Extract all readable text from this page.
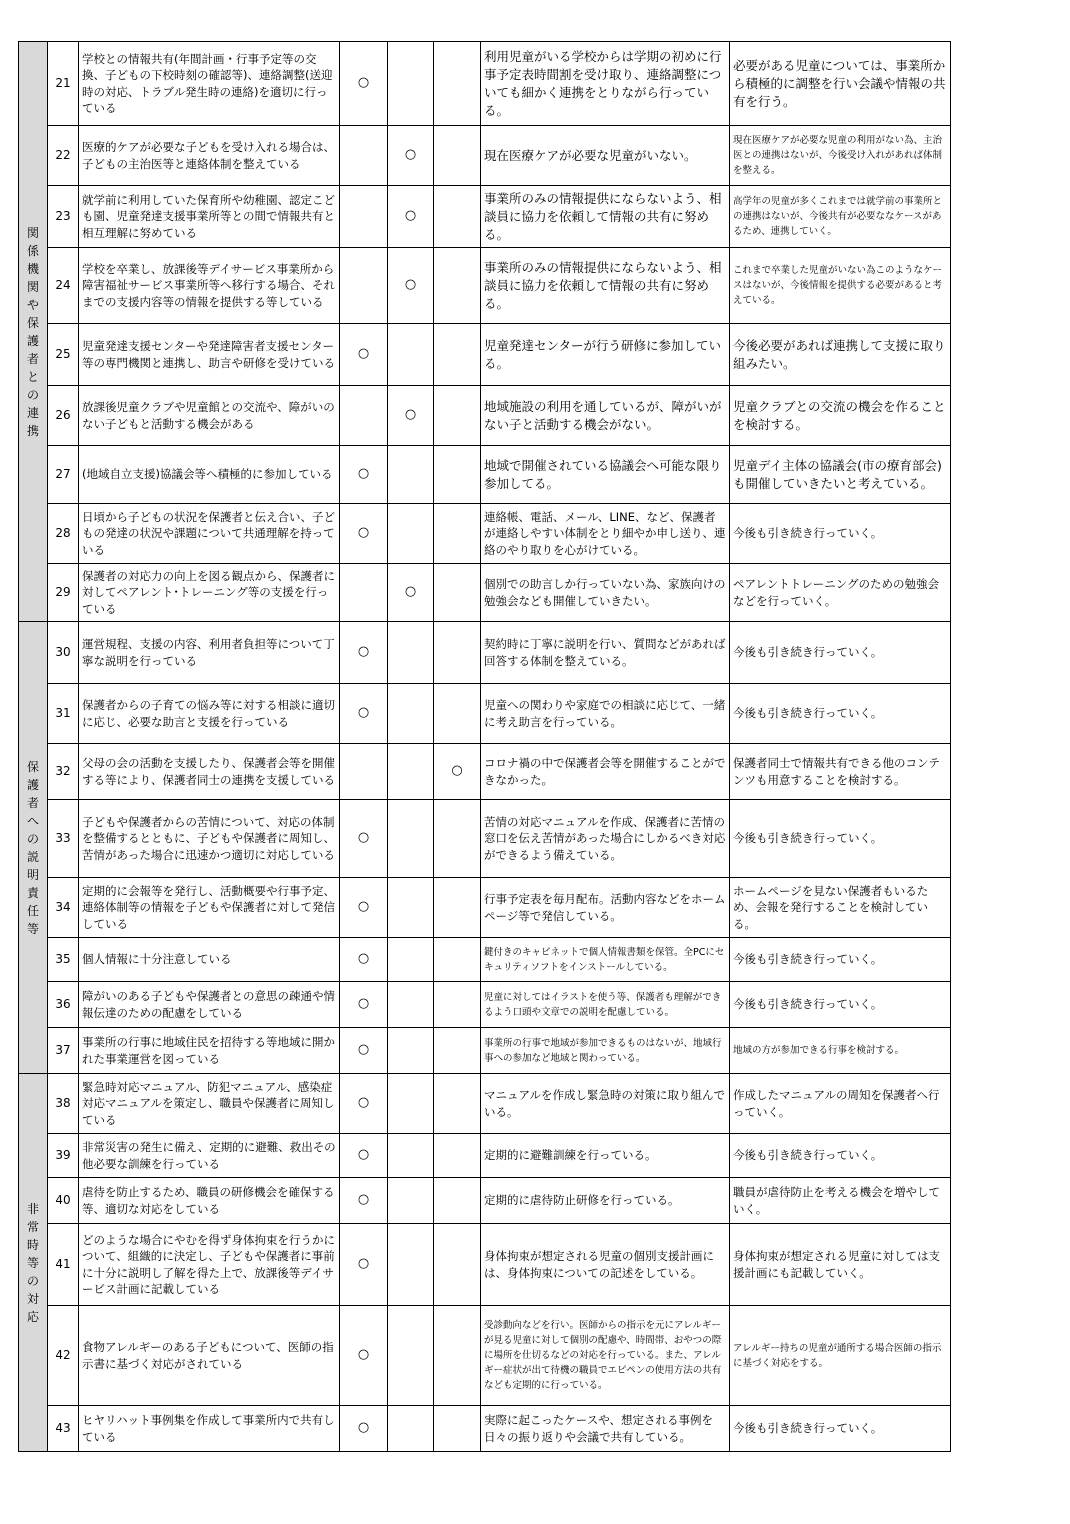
関係機関や保護者との連携	21	学校との情報共有(年間計画・行事予定等の交換、子どもの下校時刻の確認等)、連絡調整(送迎時の対応、トラブル発生時の連絡)を適切に行っている	○			利用児童がいる学校からは学期の初めに行事予定表時間割を受け取り、連絡調整についても細かく連携をとりながら行っている。	必要がある児童については、事業所から積極的に調整を行い会議や情報の共有を行う。
	22	医療的ケアが必要な子どもを受け入れる場合は、子どもの主治医等と連絡体制を整えている		○		現在医療ケアが必要な児童がいない。	現在医療ケアが必要な児童の利用がない為、主治医との連携はないが、今後受け入れがあれば体制を整える。
	23	就学前に利用していた保育所や幼稚園、認定こども園、児童発達支援事業所等との間で情報共有と相互理解に努めている		○		事業所のみの情報提供にならないよう、相談員に協力を依頼して情報の共有に努める。	高学年の児童が多くこれまでは就学前の事業所との連携はないが、今後共有が必要ななケースがあるため、連携していく。
	24	学校を卒業し、放課後等デイサービス事業所から障害福祉サービス事業所等へ移行する場合、それまでの支援内容等の情報を提供する等している		○		事業所のみの情報提供にならないよう、相談員に協力を依頼して情報の共有に努める。	これまで卒業した児童がいない為このようなケースはないが、今後情報を提供する必要があると考えている。
	25	児童発達支援センターや発達障害者支援センター等の専門機関と連携し、助言や研修を受けている	○			児童発達センターが行う研修に参加している。	今後必要があれば連携して支援に取り組みたい。
	26	放課後児童クラブや児童館との交流や、障がいのない子どもと活動する機会がある		○		地域施設の利用を通しているが、障がいがない子と活動する機会がない。	児童クラブとの交流の機会を作ることを検討する。
	27	(地域自立支援)協議会等へ積極的に参加している	○			地域で開催されている協議会へ可能な限り参加してる。	児童デイ主体の協議会(市の療育部会)も開催していきたいと考えている。
	28	日頃から子どもの状況を保護者と伝え合い、子どもの発達の状況や課題について共通理解を持っている	○			連絡帳、電話、メール、LINE、など、保護者が連絡しやすい体制をとり細やか申し送り、連絡のやり取りを心がけている。	今後も引き続き行っていく。
	29	保護者の対応力の向上を図る観点から、保護者に対してペアレント･トレーニング等の支援を行っている		○		個別での助言しか行っていない為、家族向けの勉強会なども開催していきたい。	ペアレントトレーニングのための勉強会などを行っていく。
保護者への説明責任等	30	運営規程、支援の内容、利用者負担等について丁寧な説明を行っている	○			契約時に丁寧に説明を行い、質問などがあれば回答する体制を整えている。	今後も引き続き行っていく。
	31	保護者からの子育ての悩み等に対する相談に適切に応じ、必要な助言と支援を行っている	○			児童への関わりや家庭での相談に応じて、一緒に考え助言を行っている。	今後も引き続き行っていく。
	32	父母の会の活動を支援したり、保護者会等を開催する等により、保護者同士の連携を支援している			○	コロナ禍の中で保護者会等を開催することができなかった。	保護者同士で情報共有できる他のコンテンツも用意することを検討する。
	33	子どもや保護者からの苦情について、対応の体制を整備するとともに、子どもや保護者に周知し、苦情があった場合に迅速かつ適切に対応している	○			苦情の対応マニュアルを作成、保護者に苦情の窓口を伝え苦情があった場合にしかるべき対応ができるよう備えている。	今後も引き続き行っていく。
	34	定期的に会報等を発行し、活動概要や行事予定、連絡体制等の情報を子どもや保護者に対して発信している	○			行事予定表を毎月配布。活動内容などをホームページ等で発信している。	ホームページを見ない保護者もいるため、会報を発行することを検討している。
	35	個人情報に十分注意している	○			鍵付きのキャビネットで個人情報書類を保管。全PCにセキュリティソフトをインストールしている。	今後も引き続き行っていく。
	36	障がいのある子どもや保護者との意思の疎通や情報伝達のための配慮をしている	○			児童に対してはイラストを使う等、保護者も理解ができるよう口頭や文章での説明を配慮している。	今後も引き続き行っていく。
	37	事業所の行事に地域住民を招待する等地域に開かれた事業運営を図っている	○			事業所の行事で地域が参加できるものはないが、地域行事への参加など地域と関わっている。	地域の方が参加できる行事を検討する。
非常時等の対応	38	緊急時対応マニュアル、防犯マニュアル、感染症対応マニュアルを策定し、職員や保護者に周知している	○			マニュアルを作成し緊急時の対策に取り組んでいる。	作成したマニュアルの周知を保護者へ行っていく。
	39	非常災害の発生に備え、定期的に避難、救出その他必要な訓練を行っている	○			定期的に避難訓練を行っている。	今後も引き続き行っていく。
	40	虐待を防止するため、職員の研修機会を確保する等、適切な対応をしている	○			定期的に虐待防止研修を行っている。	職員が虐待防止を考える機会を増やしていく。
	41	どのような場合にやむを得ず身体拘束を行うかについて、組織的に決定し、子どもや保護者に事前に十分に説明し了解を得た上で、放課後等デイサービス計画に記載している	○			身体拘束が想定される児童の個別支援計画には、身体拘束についての記述をしている。	身体拘束が想定される児童に対しては支援計画にも記載していく。
	42	食物アレルギーのある子どもについて、医師の指示書に基づく対応がされている	○			受診動向などを行い。医師からの指示を元にアレルギーが見る児童に対して個別の配慮や、時間帯、おやつの際に場所を仕切るなどの対応を行っている。また、アレルギー症状が出て待機の職員でエピペンの使用方法の共有なども定期的に行っている。	アレルギー持ちの児童が通所する場合医師の指示に基づく対応をする。
	43	ヒヤリハット事例集を作成して事業所内で共有している	○			実際に起こったケースや、想定される事例を日々の振り返りや会議で共有している。	今後も引き続き行っていく。
